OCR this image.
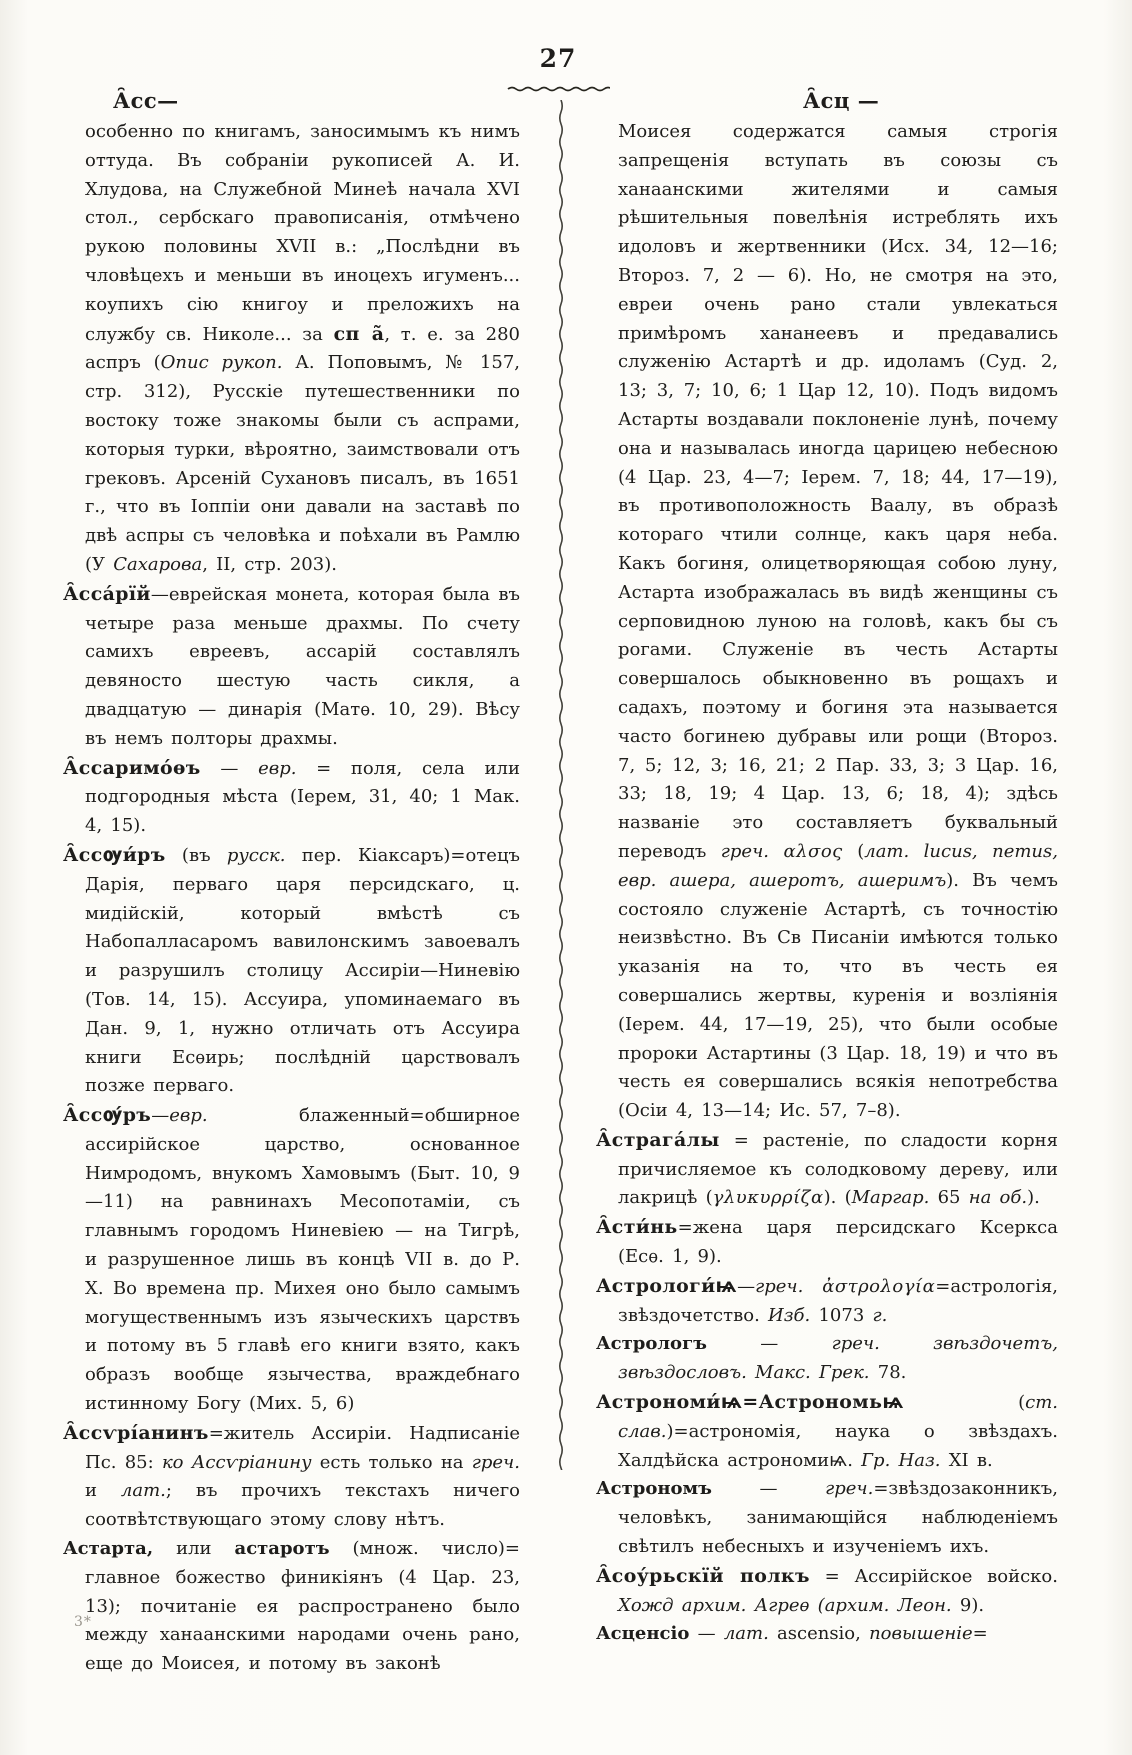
27
А̑сс—	А̑сц —

особенно по книгамъ, заносимымъ къ нимъ оттуда. Въ собраніи рукописей А. И. Хлудова, на Служебной Минеѣ начала XVI стол., сербскаго правописанія, отмѣчено рукою половины XVII в.: „Послѣдни въ чловѣцехъ и меньши въ иноцехъ игуменъ... коупихъ сію книгоу и преложихъ на службу св. Николе... за сп а̃, т. е. за 280 аспръ (Опис рукоп. А. Поповымъ, № 157, стр. 312), Русскіе путешественники по востоку тоже знакомы были съ аспрами, которыя турки, вѣроятно, заимствовали отъ грековъ. Арсеній Сухановъ писалъ, въ 1651 г., что въ Іоппіи они давали на заставѣ по двѣ аспры съ человѣка и поѣхали въ Рамлю (У Сахарова, II, стр. 203).

А̑сса́рїй—еврейская монета, которая была въ четыре раза меньше драхмы. По счету самихъ евреевъ, ассарій составлялъ девяносто шестую часть сикля, а двадцатую — динарія (Матѳ. 10, 29). Вѣсу въ немъ полторы драхмы.

А̑ссаримо́ѳъ — евр. = поля, села или подгородныя мѣста (Іерем, 31, 40; 1 Мак. 4, 15).

А̑ссѹи́ръ (въ русск. пер. Кіаксаръ)=отецъ Дарія, перваго царя персидскаго, ц. мидійскій, который вмѣстѣ съ Набопалласаромъ вавилонскимъ завоевалъ и разрушилъ столицу Ассиріи—Ниневію (Тов. 14, 15). Ассуира, упоминаемаго въ Дан. 9, 1, нужно отличать отъ Ассуира книги Есѳирь; послѣдній царствовалъ позже перваго.

А̑ссѹ́ръ—евр. блаженный=обширное ассирійское царство, основанное Нимродомъ, внукомъ Хамовымъ (Быт. 10, 9—11) на равнинахъ Месопотаміи, съ главнымъ городомъ Ниневіею — на Тигрѣ, и разрушенное лишь въ концѣ VII в. до Р. Х. Во времена пр. Михея оно было самымъ могущественнымъ изъ языческихъ царствъ и потому въ 5 главѣ его книги взято, какъ образъ вообще язычества, враждебнаго истинному Богу (Мих. 5, 6)

А̑ссѵрі́анинъ=житель Ассиріи. Надписаніе Пс. 85: ко Ассѵріанину есть только на греч. и лат.; въ прочихъ текстахъ ничего соотвѣтствующаго этому слову нѣтъ.

Астарта, или астаротъ (множ. число)= главное божество финикіянъ (4 Цар. 23, 13); почитаніе ея распространено было между ханаанскими народами очень рано, еще до Моисея, и потому въ законѣ

Моисея содержатся самыя строгія запрещенія вступать въ союзы съ ханаанскими жителями и самыя рѣшительныя повелѣнія истреблять ихъ идоловъ и жертвенники (Исх. 34, 12—16; Второз. 7, 2 — 6). Но, не смотря на это, евреи очень рано стали увлекаться примѣромъ хананеевъ и предавались служенію Астартѣ и др. идоламъ (Суд. 2, 13; 3, 7; 10, 6; 1 Цар 12, 10). Подъ видомъ Астарты воздавали поклоненіе лунѣ, почему она и называлась иногда царицею небесною (4 Цар. 23, 4—7; Іерем. 7, 18; 44, 17—19), въ противоположность Ваалу, въ образѣ котораго чтили солнце, какъ царя неба. Какъ богиня, олицетворяющая собою луну, Астарта изображалась въ видѣ женщины съ серповидною луною на головѣ, какъ бы съ рогами. Служеніе въ честь Астарты совершалось обыкновенно въ рощахъ и садахъ, поэтому и богиня эта называется часто богинею дубравы или рощи (Второз. 7, 5; 12, 3; 16, 21; 2 Пар. 33, 3; 3 Цар. 16, 33; 18, 19; 4 Цар. 13, 6; 18, 4); здѣсь названіе это составляетъ буквальный переводъ греч. αλσος (лат. lucus, nemus, евр. ашера, ашеротъ, ашеримъ). Въ чемъ состояло служеніе Астартѣ, съ точностію неизвѣстно. Въ Св Писаніи имѣются только указанія на то, что въ честь ея совершались жертвы, куренія и возліянія (Іерем. 44, 17—19, 25), что были особые пророки Астартины (3 Цар. 18, 19) и что въ честь ея совершались всякія непотребства (Осіи 4, 13—14; Ис. 57, 7–8).

А̑страга́лы = растеніе, по сладости корня причисляемое къ солодковому дереву, или лакрицѣ (γλυκυρρίζα). (Маргар. 65 на об.).

А̑сти́нь=жена царя персидскаго Ксеркса (Есѳ. 1, 9).

Астрологи́ѩ—греч. ἀστρολογία=астрологія, звѣздочетство. Изб. 1073 г.

Астрологъ — греч. звѣздочетъ, звѣздословъ. Макс. Грек. 78.

Астрономи́ѩ=Астрономьѩ (ст. слав.)=астрономія, наука о звѣздахъ. Халдѣйска астрономиѩ. Гр. Наз. XI в.

Астрономъ — греч.=звѣздозаконникъ, человѣкъ, занимающійся наблюденіемъ свѣтилъ небесныхъ и изученіемъ ихъ.

А̑соу́рьскїй полкъ = Ассирійское войско. Хожд архим. Агреѳ (архим. Леон. 9).

Асценсіо — лат. ascensio, повышеніе=

3*
